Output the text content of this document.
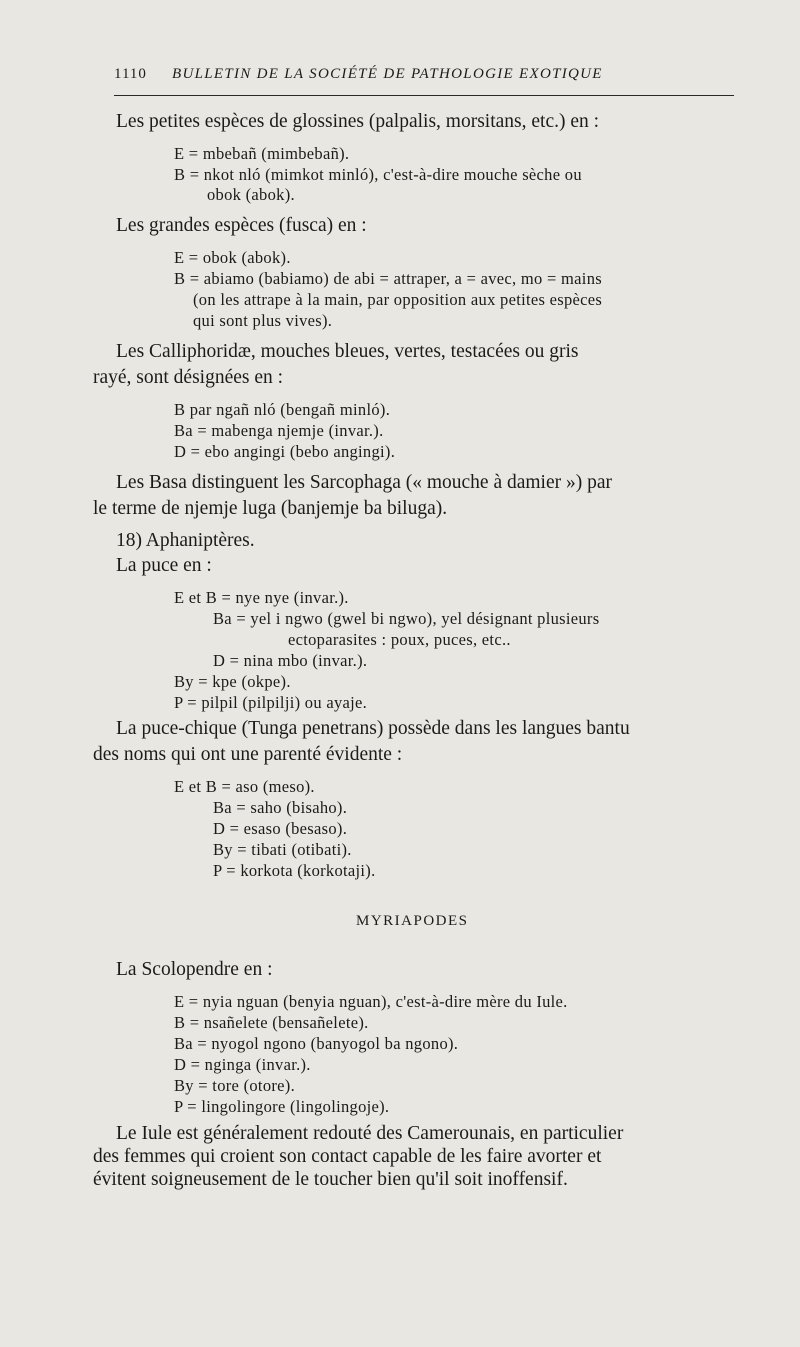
1110 BULLETIN DE LA SOCIÉTÉ DE PATHOLOGIE EXOTIQUE
Les petites espèces de glossines (palpalis, morsitans, etc.) en :
E = mbebañ (mimbebañ).
B = nkot nló (mimkot minló), c'est-à-dire mouche sèche ou
obok (abok).
Les grandes espèces (fusca) en :
E = obok (abok).
B = abiamo (babiamo) de abi = attraper, a = avec, mo = mains
(on les attrape à la main, par opposition aux petites espèces
qui sont plus vives).
Les Calliphoridæ, mouches bleues, vertes, testacées ou gris
rayé, sont désignées en :
B par ngañ nló (bengañ minló).
Ba = mabenga njemje (invar.).
D = ebo angingi (bebo angingi).
Les Basa distinguent les Sarcophaga (« mouche à damier ») par
le terme de njemje luga (banjemje ba biluga).
18) Aphaniptères.
La puce en :
E et B = nye nye (invar.).
Ba = yel i ngwo (gwel bi ngwo), yel désignant plusieurs
ectoparasites : poux, puces, etc..
D = nina mbo (invar.).
By = kpe (okpe).
P = pilpil (pilpilji) ou ayaje.
La puce-chique (Tunga penetrans) possède dans les langues bantu
des noms qui ont une parenté évidente :
E et B = aso (meso).
Ba = saho (bisaho).
D = esaso (besaso).
By = tibati (otibati).
P = korkota (korkotaji).
MYRIAPODES
La Scolopendre en :
E = nyia nguan (benyia nguan), c'est-à-dire mère du Iule.
B = nsañelete (bensañelete).
Ba = nyogol ngono (banyogol ba ngono).
D = nginga (invar.).
By = tore (otore).
P = lingolingore (lingolingoje).
Le Iule est généralement redouté des Camerounais, en particulier
des femmes qui croient son contact capable de les faire avorter et
évitent soigneusement de le toucher bien qu'il soit inoffensif.
